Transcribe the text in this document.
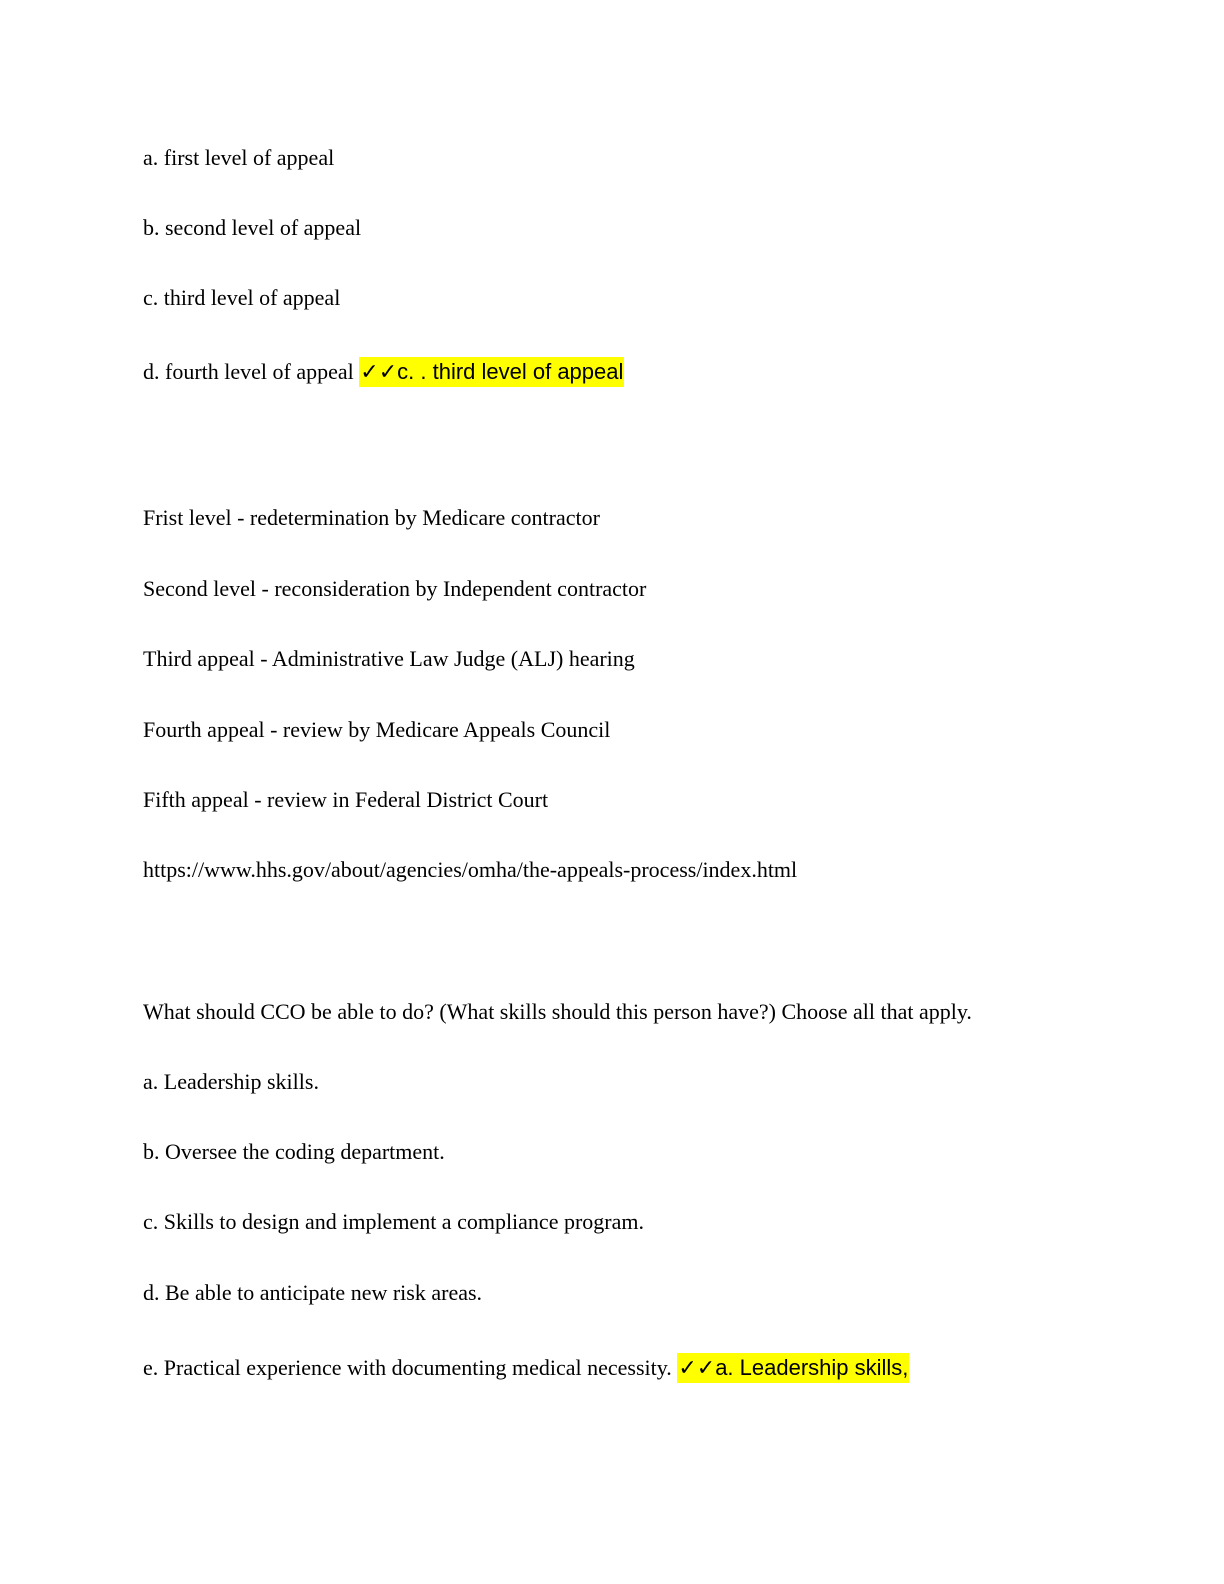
a. first level of appeal
b. second level of appeal
c. third level of appeal
d. fourth level of appeal ✓✓c. . third level of appeal
Frist level - redetermination by Medicare contractor
Second level - reconsideration by Independent contractor
Third appeal - Administrative Law Judge (ALJ) hearing
Fourth appeal - review by Medicare Appeals Council
Fifth appeal - review in Federal District Court
https://www.hhs.gov/about/agencies/omha/the-appeals-process/index.html
What should CCO be able to do? (What skills should this person have?) Choose all that apply.
a. Leadership skills.
b. Oversee the coding department.
c. Skills to design and implement a compliance program.
d. Be able to anticipate new risk areas.
e. Practical experience with documenting medical necessity. ✓✓a. Leadership skills,
